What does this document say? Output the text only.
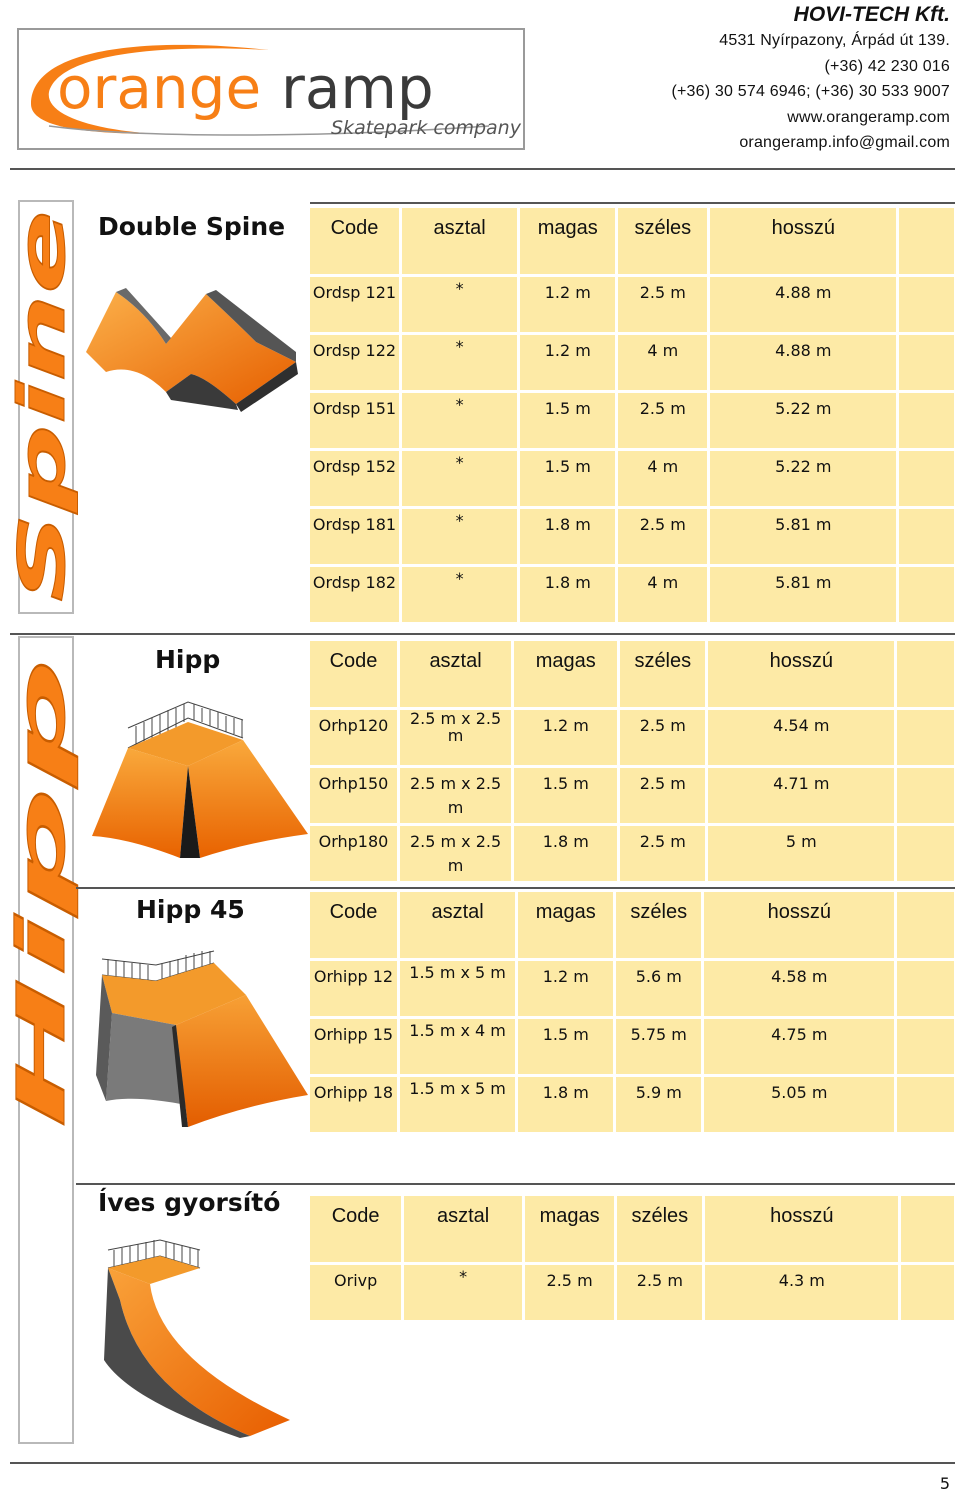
orange ramp
Skatepark company
HOVI-TECH Kft.
4531 Nyírpazony, Árpád út 139.
(+36) 42 230 016
(+36) 30 574 6946; (+36) 30 533 9007
www.orangeramp.com
orangeramp.info@gmail.com
Spine
Hipp
Double Spine Code	asztal	magas	széles	hosszú	
Ordsp 121	*	1.2 m	2.5 m	4.88 m	
Ordsp 122	*	1.2 m	4 m	4.88 m	
Ordsp 151	*	1.5 m	2.5 m	5.22 m	
Ordsp 152	*	1.5 m	4 m	5.22 m	
Ordsp 181	*	1.8 m	2.5 m	5.81 m	
Ordsp 182	*	1.8 m	4 m	5.81 m	
Hipp	Code	asztal	magas	széles	hosszú	
Orhp120	2.5 m x 2.5 m	1.2 m	2.5 m	4.54 m	
Orhp150	2.5 m x 2.5 m	1.5 m	2.5 m	4.71 m	
Orhp180	2.5 m x 2.5 m	1.8 m	2.5 m	5 m	
Hipp 45	Code	asztal	magas	széles	hosszú	
Orhipp 12	1.5 m x 5 m	1.2 m	5.6 m	4.58 m	
Orhipp 15	1.5 m x 4 m	1.5 m	5.75 m	4.75 m	
Orhipp 18	1.5 m x 5 m	1.8 m	5.9 m	5.05 m	
Íves gyorsító	Code	asztal	magas	széles	hosszú	
Orivp	*	2.5 m	2.5 m	4.3 m	
5
